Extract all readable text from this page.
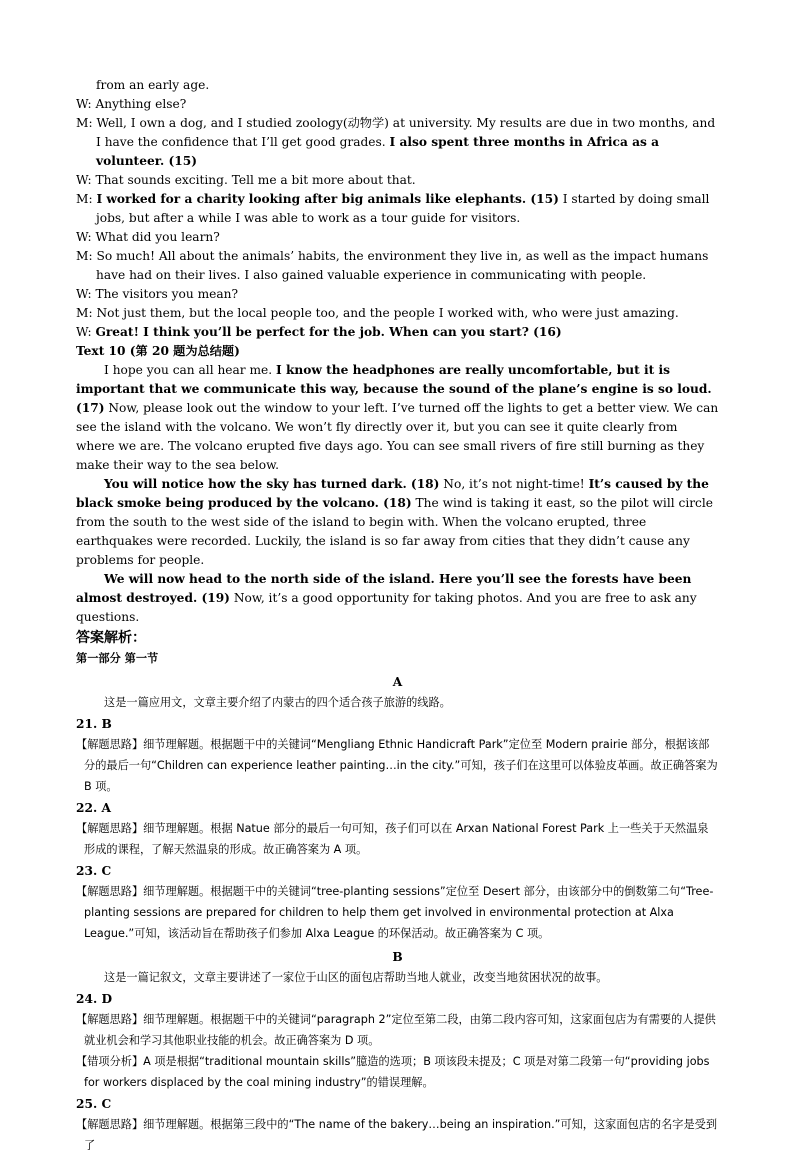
from an early age.

W: Anything else?

M: Well, I own a dog, and I studied zoology(动物学) at university. My results are due in two months, and I have the confidence that I’ll get good grades. I also spent three months in Africa as a volunteer. (15)

W: That sounds exciting. Tell me a bit more about that.

M: I worked for a charity looking after big animals like elephants. (15) I started by doing small jobs, but after a while I was able to work as a tour guide for visitors.

W: What did you learn?

M: So much! All about the animals’ habits, the environment they live in, as well as the impact humans have had on their lives. I also gained valuable experience in communicating with people.

W: The visitors you mean?

M: Not just them, but the local people too, and the people I worked with, who were just amazing.

W: Great! I think you’ll be perfect for the job. When can you start? (16)

Text 10 (第 20 题为总结题)

I hope you can all hear me. I know the headphones are really uncomfortable, but it is important that we communicate this way, because the sound of the plane’s engine is so loud. (17) Now, please look out the window to your left. I’ve turned off the lights to get a better view. We can see the island with the volcano. We won’t fly directly over it, but you can see it quite clearly from where we are. The volcano erupted five days ago. You can see small rivers of fire still burning as they make their way to the sea below.

You will notice how the sky has turned dark. (18) No, it’s not night-time! It’s caused by the black smoke being produced by the volcano. (18) The wind is taking it east, so the pilot will circle from the south to the west side of the island to begin with. When the volcano erupted, three earthquakes were recorded. Luckily, the island is so far away from cities that they didn’t cause any problems for people.

We will now head to the north side of the island. Here you’ll see the forests have been almost destroyed. (19) Now, it’s a good opportunity for taking photos. And you are free to ask any questions.

答案解析：

第一部分 第一节

A

这是一篇应用文，文章主要介绍了内蒙古的四个适合孩子旅游的线路。

21. B

【解题思路】细节理解题。根据题干中的关键词“Mengliang Ethnic Handicraft Park”定位至 Modern prairie 部分，根据该部分的最后一句“Children can experience leather painting…in the city.”可知，孩子们在这里可以体验皮革画。故正确答案为 B 项。

22. A

【解题思路】细节理解题。根据 Natue 部分的最后一句可知，孩子们可以在 Arxan National Forest Park 上一些关于天然温泉形成的课程，了解天然温泉的形成。故正确答案为 A 项。

23. C

【解题思路】细节理解题。根据题干中的关键词“tree-planting sessions”定位至 Desert 部分，由该部分中的倒数第二句“Tree-planting sessions are prepared for children to help them get involved in environmental protection at Alxa League.”可知，该活动旨在帮助孩子们参加 Alxa League 的环保活动。故正确答案为 C 项。

B

这是一篇记叙文，文章主要讲述了一家位于山区的面包店帮助当地人就业，改变当地贫困状况的故事。

24. D

【解题思路】细节理解题。根据题干中的关键词“paragraph 2”定位至第二段，由第二段内容可知，这家面包店为有需要的人提供就业机会和学习其他职业技能的机会。故正确答案为 D 项。

【错项分析】A 项是根据“traditional mountain skills”臆造的选项；B 项该段未提及；C 项是对第二段第一句“providing jobs for workers displaced by the coal mining industry”的错误理解。

25. C

【解题思路】细节理解题。根据第三段中的“The name of the bakery…being an inspiration.”可知，这家面包店的名字是受到了
